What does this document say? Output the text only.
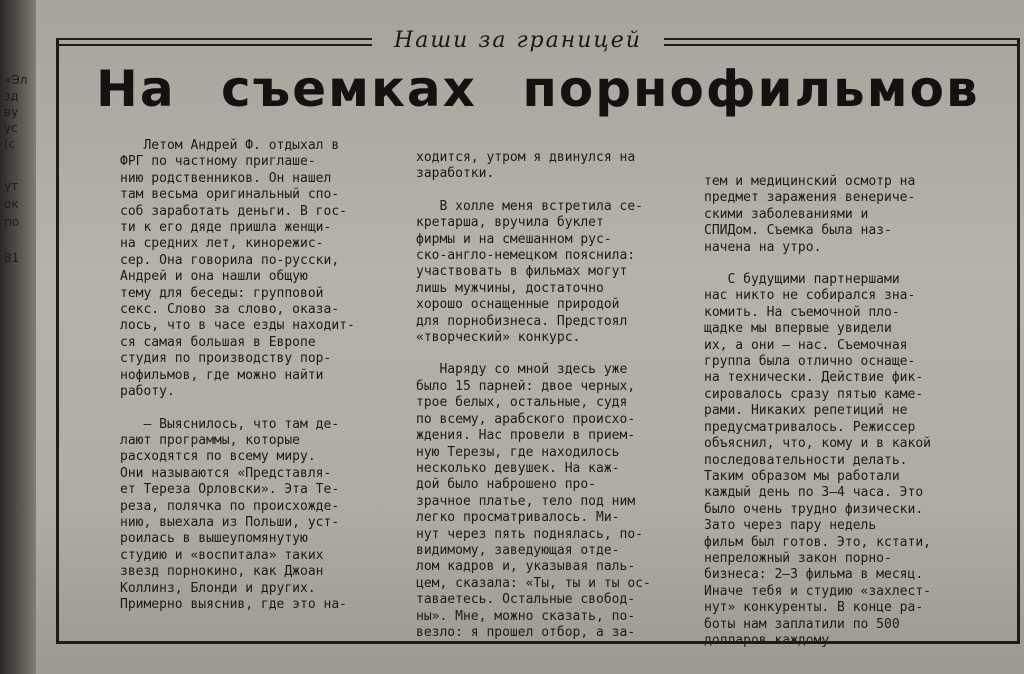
«Эл
зд
ву
ус
(с
ут
ок
по
81
Наши за границей
На съемках порнофильмов

Летом Андрей Ф. отдыхал в
ФРГ по частному приглаше-
нию родственников. Он нашел
там весьма оригинальный спо-
соб заработать деньги. В гос-
ти к его дяде пришла женщи-
на средних лет, кинорежис-
сер. Она говорила по-русски,
Андрей и она нашли общую
тему для беседы: групповой
секс. Слово за слово, оказа-
лось, что в часе езды находит-
ся самая большая в Европе
студия по производству пор-
нофильмов, где можно найти
работу.

— Выяснилось, что там де-
лают программы, которые
расходятся по всему миру.
Они называются «Представля-
ет Тереза Орловски». Эта Те-
реза, полячка по происхожде-
нию, выехала из Польши, уст-
роилась в вышеупомянутую
студию и «воспитала» таких
звезд порнокино, как Джоан
Коллинз, Блонди и других.
Примерно выяснив, где это на-

ходится, утром я двинулся на
заработки.

В холле меня встретила се-
кретарша, вручила буклет
фирмы и на смешанном рус-
ско-англо-немецком пояснила:
участвовать в фильмах могут
лишь мужчины, достаточно
хорошо оснащенные природой
для порнобизнеса. Предстоял
«творческий» конкурс.

Наряду со мной здесь уже
было 15 парней: двое черных,
трое белых, остальные, судя
по всему, арабского происхо-
ждения. Нас провели в прием-
ную Терезы, где находилось
несколько девушек. На каж-
дой было наброшено про-
зрачное платье, тело под ним
легко просматривалось. Ми-
нут через пять поднялась, по-
видимому, заведующая отде-
лом кадров и, указывая паль-
цем, сказала: «Ты, ты и ты ос-
таваетесь. Остальные свобод-
ны». Мне, можно сказать, по-
везло: я прошел отбор, а за-

тем и медицинский осмотр на
предмет заражения венериче-
скими заболеваниями и
СПИДом. Съемка была наз-
начена на утро.

С будущими партнершами
нас никто не собирался зна-
комить. На съемочной пло-
щадке мы впервые увидели
их, а они — нас. Съемочная
группа была отлично оснаще-
на технически. Действие фик-
сировалось сразу пятью каме-
рами. Никаких репетиций не
предусматривалось. Режиссер
объяснил, что, кому и в какой
последовательности делать.
Таким образом мы работали
каждый день по 3—4 часа. Это
было очень трудно физически.
Зато через пару недель
фильм был готов. Это, кстати,
непреложный закон порно-
бизнеса: 2—3 фильма в месяц.
Иначе тебя и студию «захлест-
нут» конкуренты. В конце ра-
боты нам заплатили по 500
долларов каждому.
